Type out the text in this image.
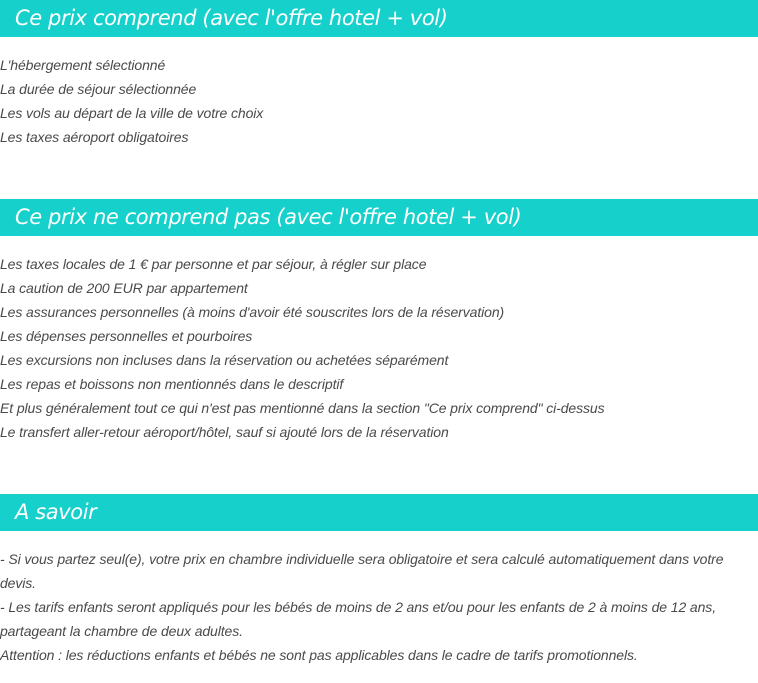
Ce prix comprend (avec l'offre hotel + vol)
L'hébergement sélectionné
La durée de séjour sélectionnée
Les vols au départ de la ville de votre choix
Les taxes aéroport obligatoires
Ce prix ne comprend pas (avec l'offre hotel + vol)
Les taxes locales de 1 € par personne et par séjour, à régler sur place
La caution de 200 EUR par appartement
Les assurances personnelles (à moins d'avoir été souscrites lors de la réservation)
Les dépenses personnelles et pourboires
Les excursions non incluses dans la réservation ou achetées séparément
Les repas et boissons non mentionnés dans le descriptif
Et plus généralement tout ce qui n'est pas mentionné dans la section "Ce prix comprend" ci-dessus
Le transfert aller-retour aéroport/hôtel, sauf si ajouté lors de la réservation
A savoir

- Si vous partez seul(e), votre prix en chambre individuelle sera obligatoire et sera calculé automatiquement dans votre devis.

- Les tarifs enfants seront appliqués pour les bébés de moins de 2 ans et/ou pour les enfants de 2 à moins de 12 ans, partageant la chambre de deux adultes.

Attention : les réductions enfants et bébés ne sont pas applicables dans le cadre de tarifs promotionnels.
